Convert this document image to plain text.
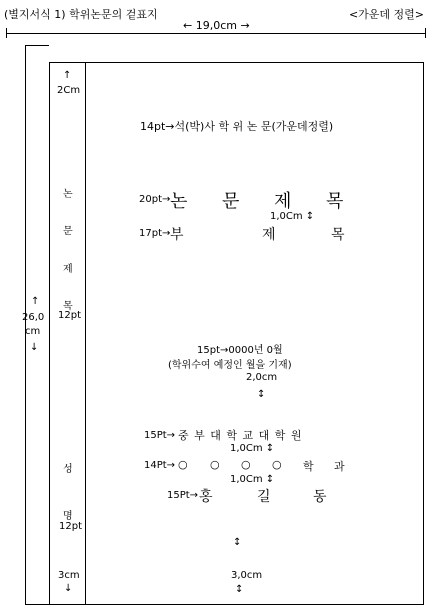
(별지서식 1) 학위논문의 겉표지	<가운데 정렬>
← 19,0cm →
↑
26,0
cm
↓
↑
2Cm
논
문
제
목
12pt
성
명
12pt
3cm
↓
14pt→석(박)사 학 위 논 문(가운데정렬)
20pt→ 논 문 제 목
1,0Cm ↕
17pt→ 부	제	목
15pt→0000년 0월
(학위수여 예정인 월을 기재)
2,0cm
↕
15Pt→ 중 부 대 학 교 대 학 원
1,0Cm ↕
14Pt→ ○ ○ ○ ○ 학 과
1,0Cm ↕
15Pt→ 홍	길	동
↕
3,0cm
↕
